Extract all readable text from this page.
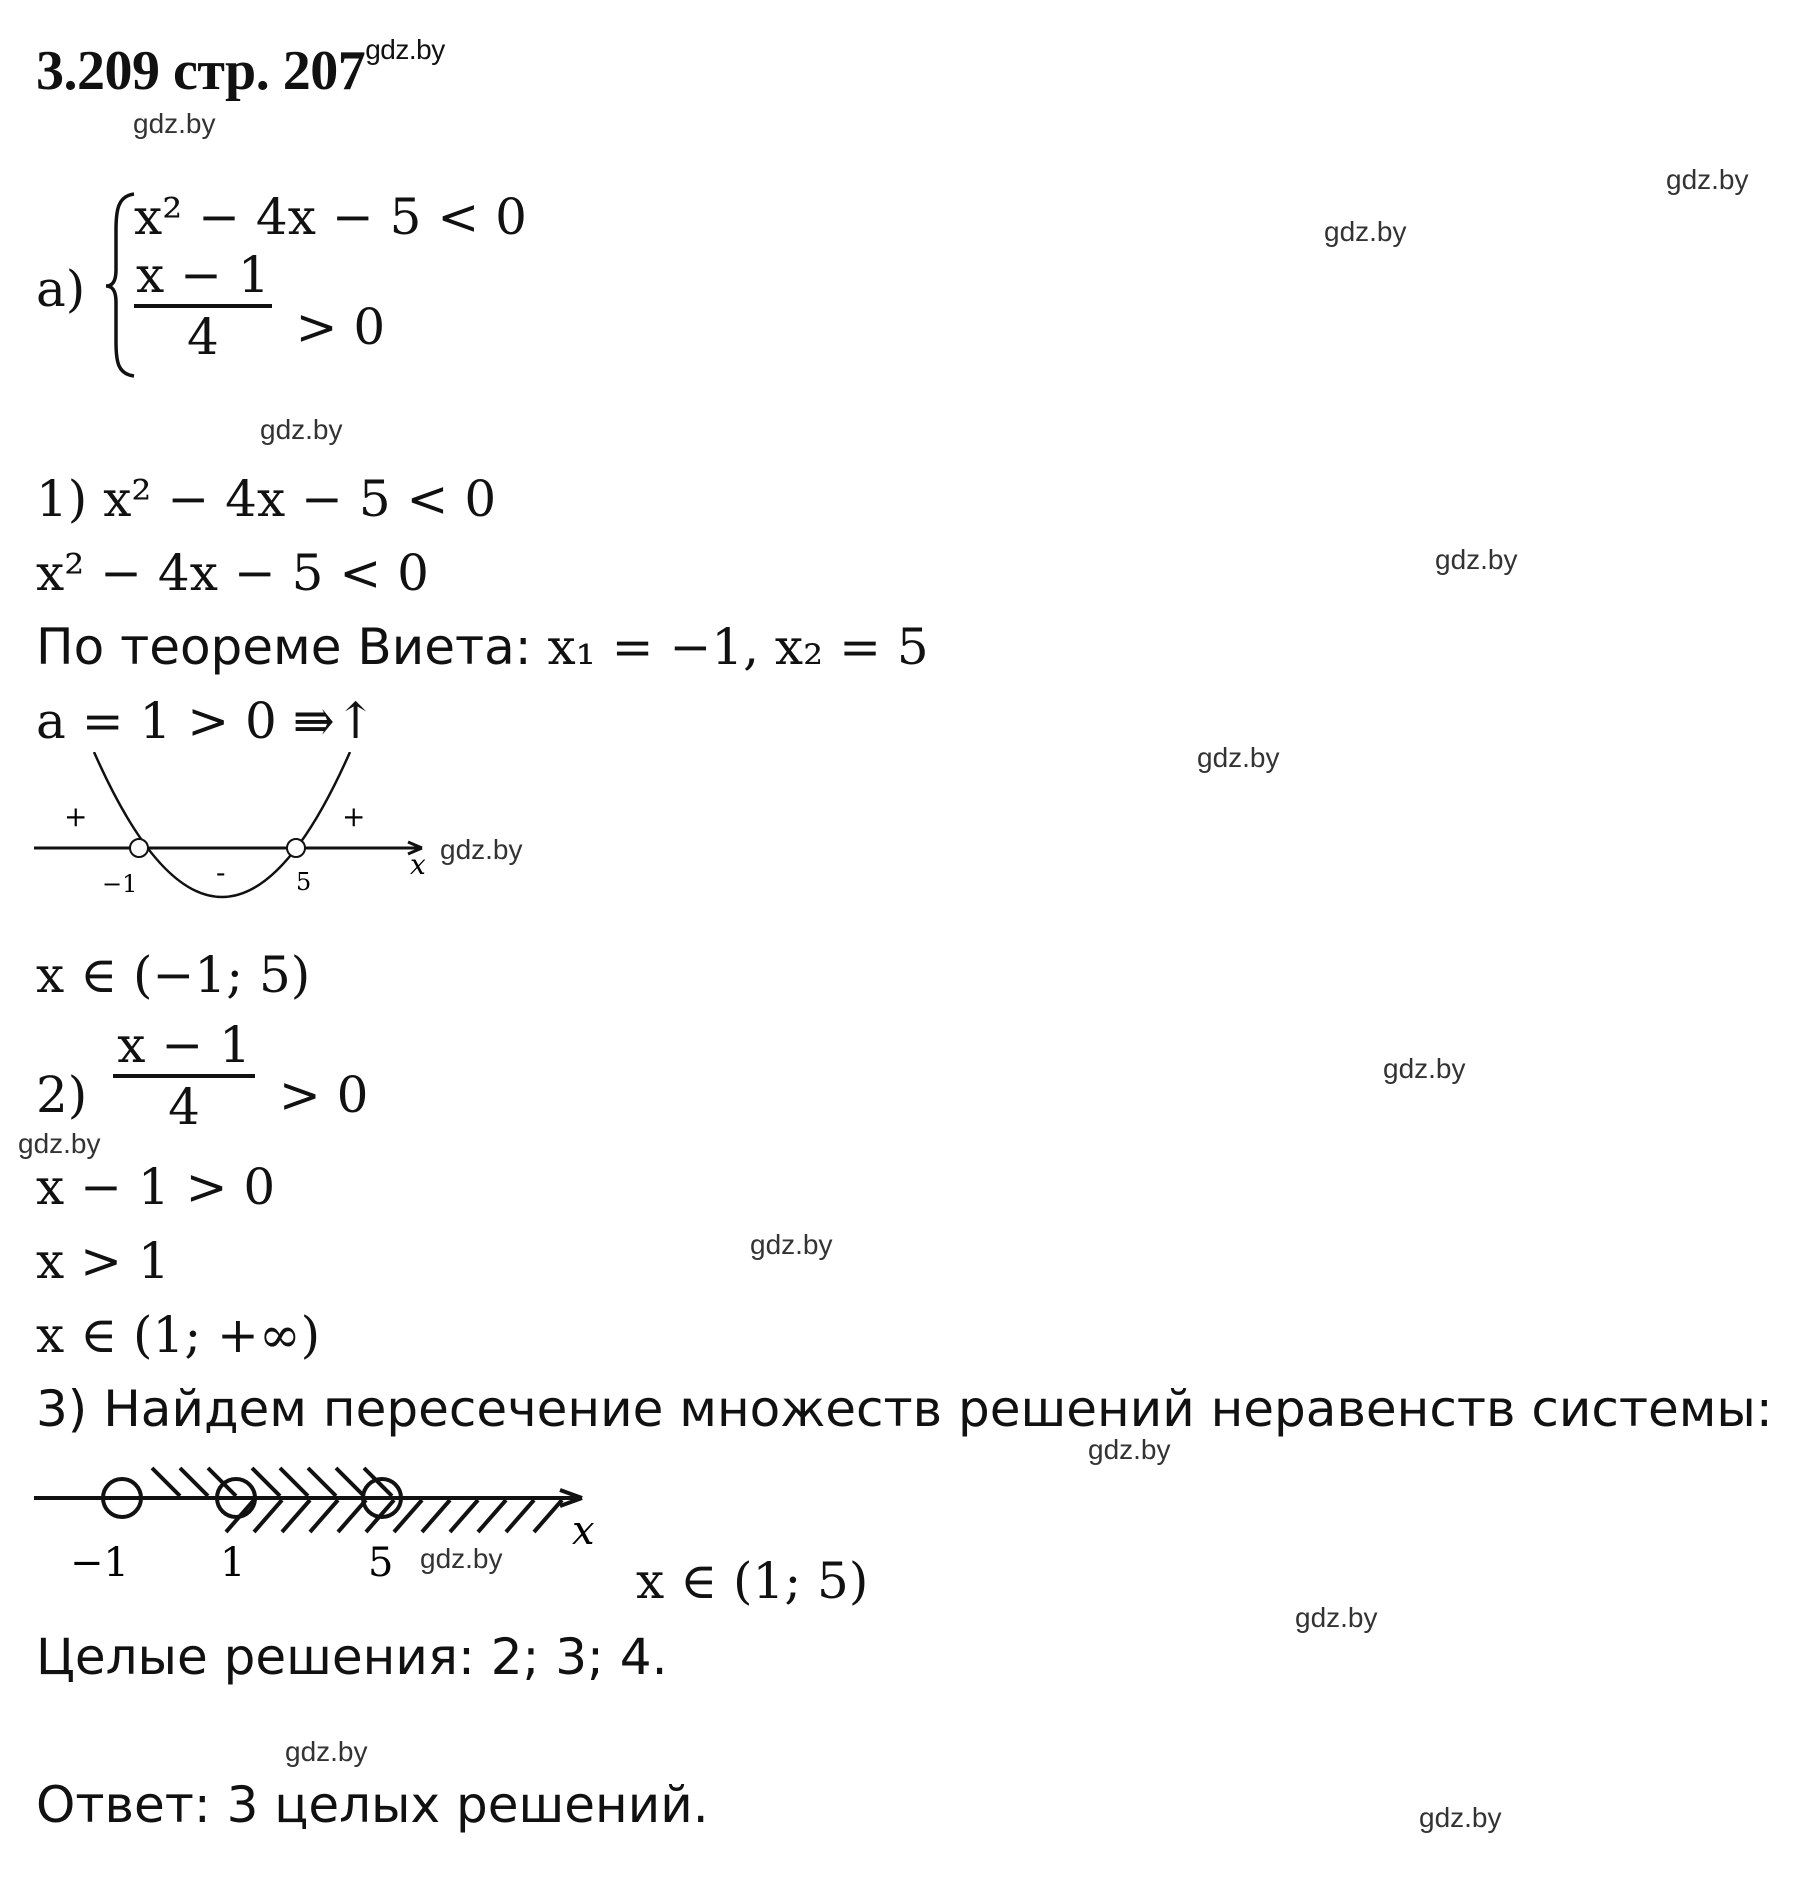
3.209 стр. $207^{gdz.by}$
gdz.by
gdz.by
gdz.by
gdz.by
gdz.by
gdz.by
gdz.by
gdz.by
gdz.by
gdz.by
gdz.by
gdz.by
gdz.by
gdz.by
gdz.by
а)
x² − 4x − 5 < 0
$\frac{x - 1}{4} > 0$
1) x² − 4x − 5 < 0
x² − 4x − 5 < 0
По теореме Виета: x₁ = −1, x₂ = 5
a = 1 > 0 ⇛↑
+
-
+
−1	5
x
x ∈ (−1; 5)
$2) \frac{x - 1}{4} > 0$
x − 1 > 0
x > 1
x ∈ (1; +∞)
3) Найдем пересечение множеств решений неравенств системы:
−1 1	5
x
x ∈ (1; 5)
Целые решения: 2; 3; 4.
Ответ: 3 целых решений.
